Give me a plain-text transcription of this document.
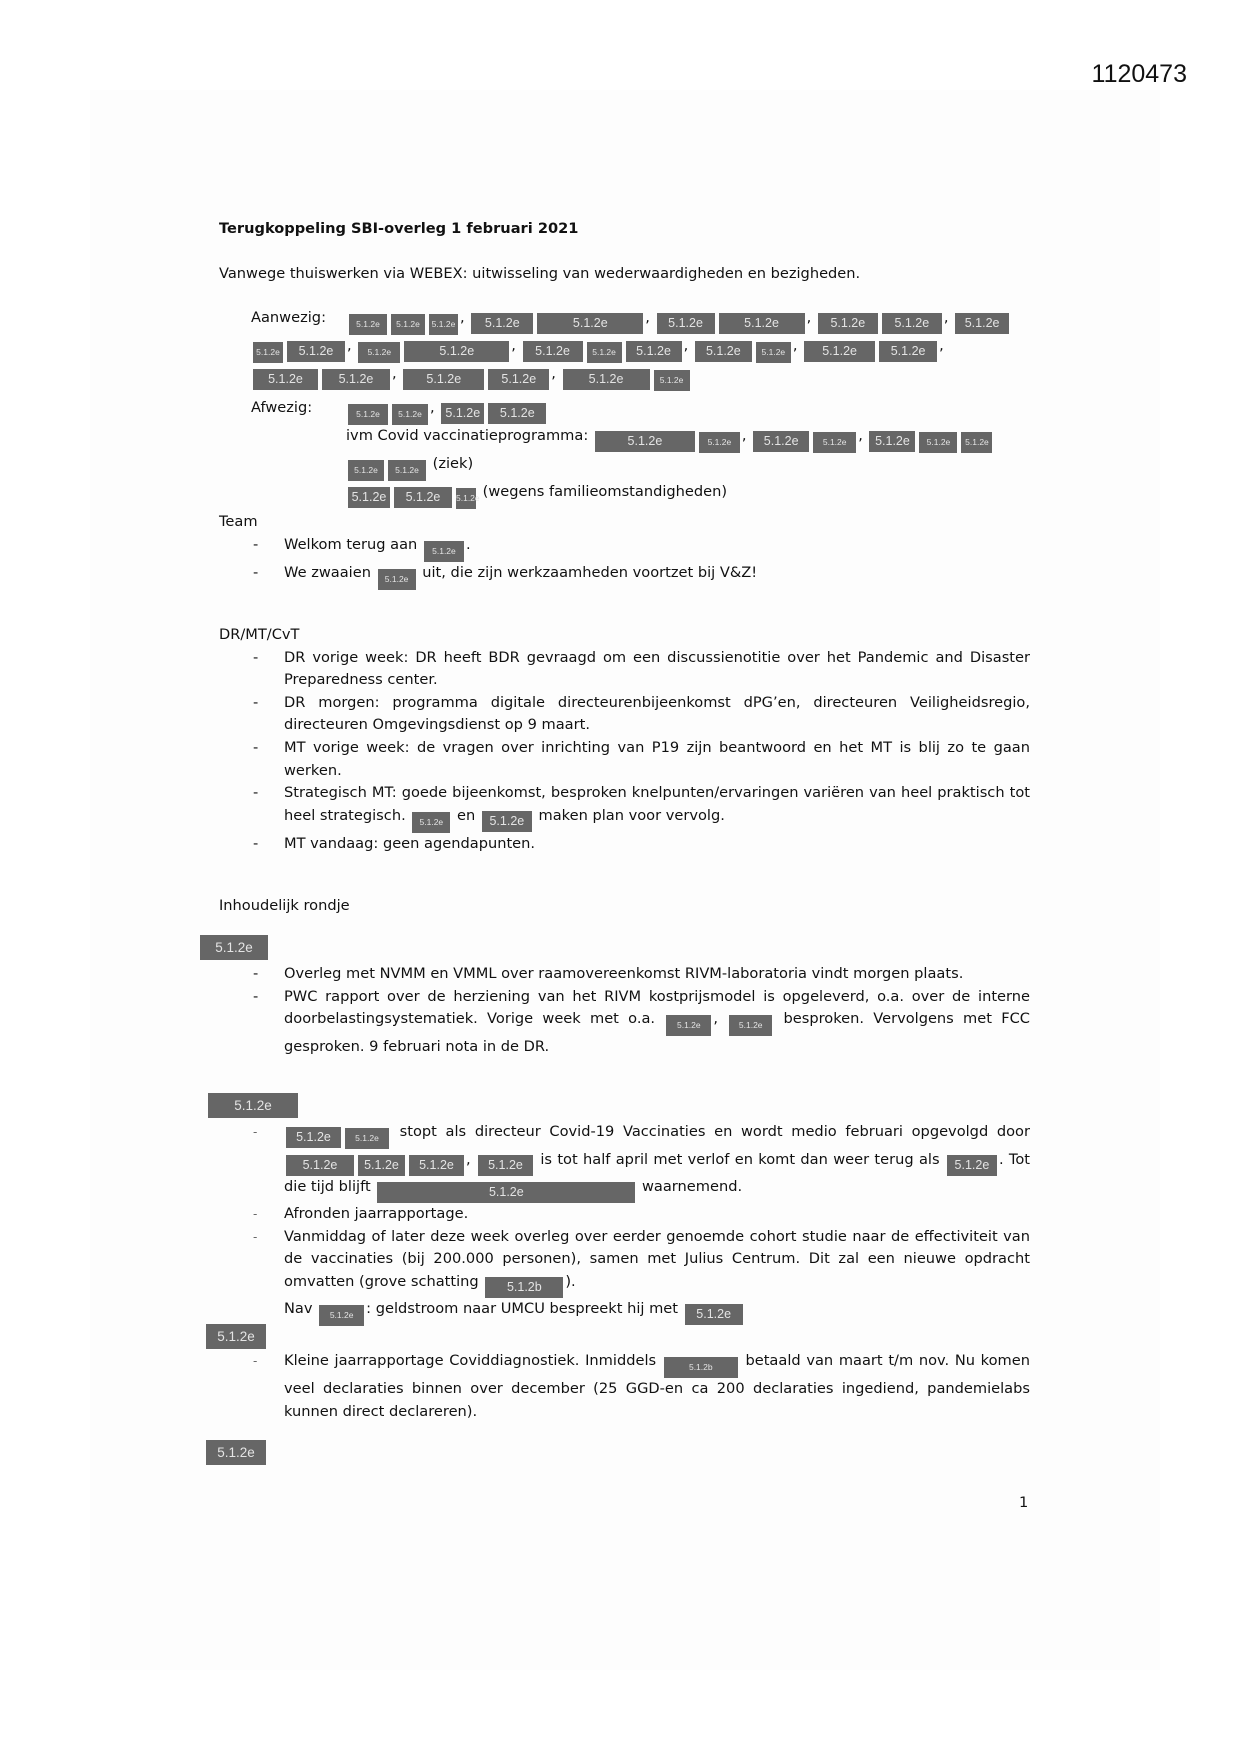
1120473
Terugkoppeling SBI-overleg 1 februari 2021
Vanwege thuiswerken via WEBEX: uitwisseling van wederwaardigheden en bezigheden.
Aanwezig:	5.1.2e 5.1.2e 5.1.2e , 5.1.2e	5.1.2e	, 5.1.2e	5.1.2e , 5.1.2e 5.1.2e , 5.1.2e
5.1.2e 5.1.2e , 5.1.2e	5.1.2e	, 5.1.2e	5.1.2e 5.1.2e , 5.1.2e 5.1.2e , 5.1.2e	5.1.2e ,
5.1.2e	5.1.2e , 5.1.2e	5.1.2e , 5.1.2e	5.1.2e
Afwezig:	5.1.2e 5.1.2e , 5.1.2e 5.1.2e
ivm Covid vaccinatieprogramma:	5.1.2e	5.1.2e , 5.1.2e	5.1.2e , 5.1.2e 5.1.2e 5.1.2e
5.1.2e 5.1.2e (ziek)
5.1.2e 5.1.2e 5.1.2e (wegens familieomstandigheden)
Team
- Welkom terug aan 5.1.2e .
- We zwaaien 5.1.2e uit, die zijn werkzaamheden voortzet bij V&Z!
DR/MT/CvT
- DR vorige week: DR heeft BDR gevraagd om een discussienotitie over het Pandemic and Disaster Preparedness center.
- DR morgen: programma digitale directeurenbijeenkomst dPG’en, directeuren Veiligheidsregio, directeuren Omgevingsdienst op 9 maart.
- MT vorige week: de vragen over inrichting van P19 zijn beantwoord en het MT is blij zo te gaan werken.
- Strategisch MT: goede bijeenkomst, besproken knelpunten/ervaringen variëren van heel praktisch tot heel strategisch. 5.1.2e en 5.1.2e maken plan voor vervolg.
- MT vandaag: geen agendapunten.
Inhoudelijk rondje
5.1.2e
- Overleg met NVMM en VMML over raamovereenkomst RIVM-laboratoria vindt morgen plaats.
- PWC rapport over de herziening van het RIVM kostprijsmodel is opgeleverd, o.a. over de interne doorbelastingsystematiek. Vorige week met o.a. 5.1.2e , 5.1.2e besproken. Vervolgens met FCC gesproken. 9 februari nota in de DR.
5.1.2e
- 5.1.2e	5.1.2e stopt als directeur Covid-19 Vaccinaties en wordt medio februari opgevolgd door 5.1.2e 5.1.2e 5.1.2e , 5.1.2e is tot half april met verlof en komt dan weer terug als 5.1.2e . Tot die tijd blijft	5.1.2e	waarnemend.
- Afronden jaarrapportage.
- Vanmiddag of later deze week overleg over eerder genoemde cohort studie naar de effectiviteit van de vaccinaties (bij 200.000 personen), samen met Julius Centrum. Dit zal een nieuwe opdracht omvatten (grove schatting 5.1.2b ).
Nav 5.1.2e : geldstroom naar UMCU bespreekt hij met 5.1.2e
5.1.2e
- Kleine jaarrapportage Coviddiagnostiek. Inmiddels	5.1.2b betaald van maart t/m nov. Nu komen veel declaraties binnen over december (25 GGD-en ca 200 declaraties ingediend, pandemielabs kunnen direct declareren).
5.1.2e
1
